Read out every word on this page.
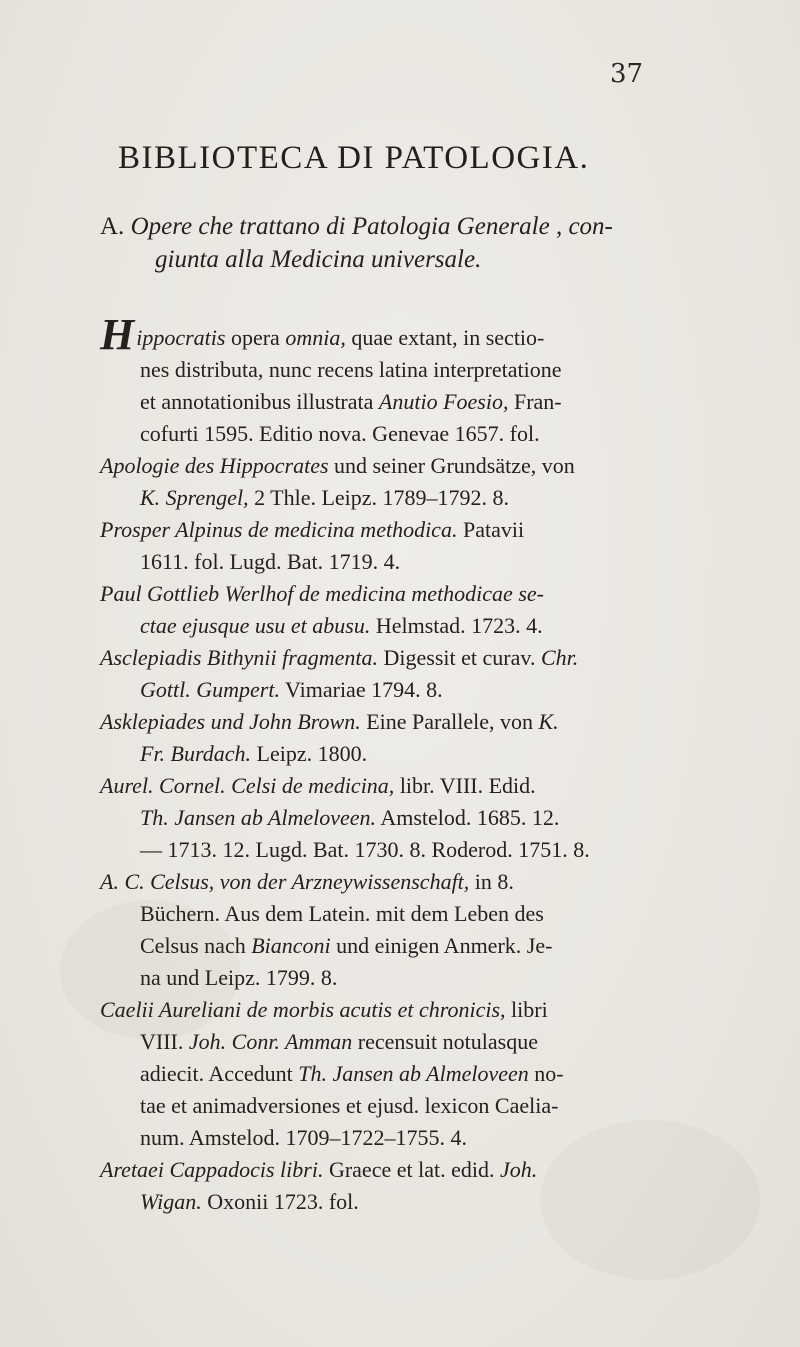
37
BIBLIOTECA DI PATOLOGIA.
A. Opere che trattano di Patologia Generale , con-
giunta alla Medicina universale.

Hippocratis opera omnia, quae extant, in sectio-
nes distributa, nunc recens latina interpretatione
et annotationibus illustrata Anutio Foesio, Fran-
cofurti 1595. Editio nova. Genevae 1657. fol.

Apologie des Hippocrates und seiner Grundsätze, von
K. Sprengel, 2 Thle. Leipz. 1789–1792. 8.

Prosper Alpinus de medicina methodica. Patavii
1611. fol. Lugd. Bat. 1719. 4.

Paul Gottlieb Werlhof de medicina methodicae se-
ctae ejusque usu et abusu. Helmstad. 1723. 4.

Asclepiadis Bithynii fragmenta. Digessit et curav. Chr.
Gottl. Gumpert. Vimariae 1794. 8.

Asklepiades und John Brown. Eine Parallele, von K.
Fr. Burdach. Leipz. 1800.

Aurel. Cornel. Celsi de medicina, libr. VIII. Edid.
Th. Jansen ab Almeloveen. Amstelod. 1685. 12.
— 1713. 12. Lugd. Bat. 1730. 8. Roderod. 1751. 8.

A. C. Celsus, von der Arzneywissenschaft, in 8.
Büchern. Aus dem Latein. mit dem Leben des
Celsus nach Bianconi und einigen Anmerk. Je-
na und Leipz. 1799. 8.

Caelii Aureliani de morbis acutis et chronicis, libri
VIII. Joh. Conr. Amman recensuit notulasque
adiecit. Accedunt Th. Jansen ab Almeloveen no-
tae et animadversiones et ejusd. lexicon Caelia-
num. Amstelod. 1709–1722–1755. 4.

Aretaei Cappadocis libri. Graece et lat. edid. Joh.
Wigan. Oxonii 1723. fol.
